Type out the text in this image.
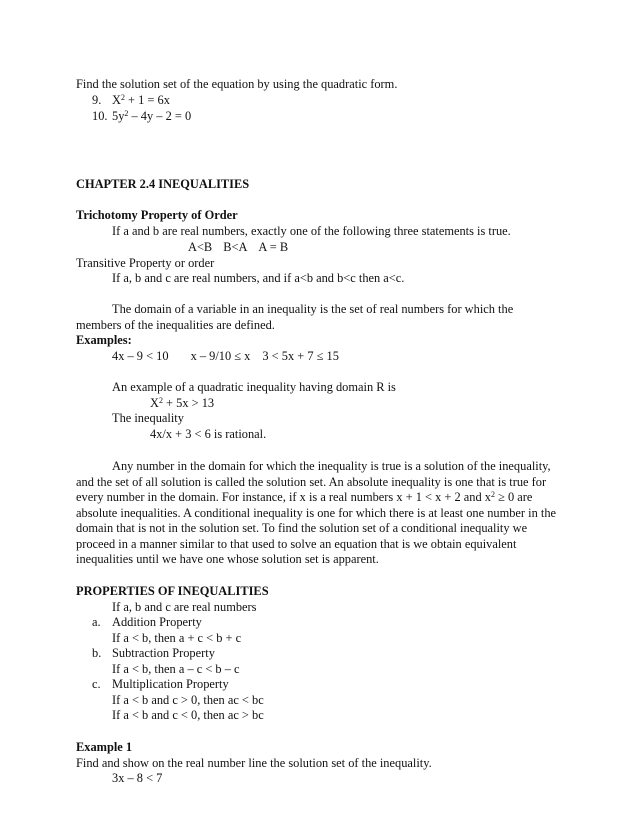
Find the solution set of the equation by using the quadratic form.
9. $X^2 + 1 = 6x$
10. $5y^2 - 4y - 2 = 0$
CHAPTER 2.4 INEQUALITIES
Trichotomy Property of Order
If a and b are real numbers, exactly one of the following three statements is true.
A<B B<A A = B
Transitive Property or order
If a, b and c are real numbers, and if a<b and b<c then a<c.
The domain of a variable in an inequality is the set of real numbers for which the
members of the inequalities are defined.
Examples:
4x – 9 < 10 x – 9/10 ≤ x 3 < 5x + 7 ≤ 15
An example of a quadratic inequality having domain R is
$X^2 + 5x > 13$
The inequality
4x/x + 3 < 6 is rational.
Any number in the domain for which the inequality is true is a solution of the inequality,
and the set of all solution is called the solution set. An absolute inequality is one that is true for
every number in the domain. For instance, if x is a real numbers x + 1 < x + 2 and $x^2 \ge 0$ are
absolute inequalities. A conditional inequality is one for which there is at least one number in the
domain that is not in the solution set. To find the solution set of a conditional inequality we
proceed in a manner similar to that used to solve an equation that is we obtain equivalent
inequalities until we have one whose solution set is apparent.
PROPERTIES OF INEQUALITIES
If a, b and c are real numbers
a. Addition Property
If a < b, then a + c < b + c
b. Subtraction Property
If a < b, then a – c < b – c
c. Multiplication Property
If a < b and c > 0, then ac < bc
If a < b and c < 0, then ac > bc
Example 1
Find and show on the real number line the solution set of the inequality.
3x – 8 < 7
